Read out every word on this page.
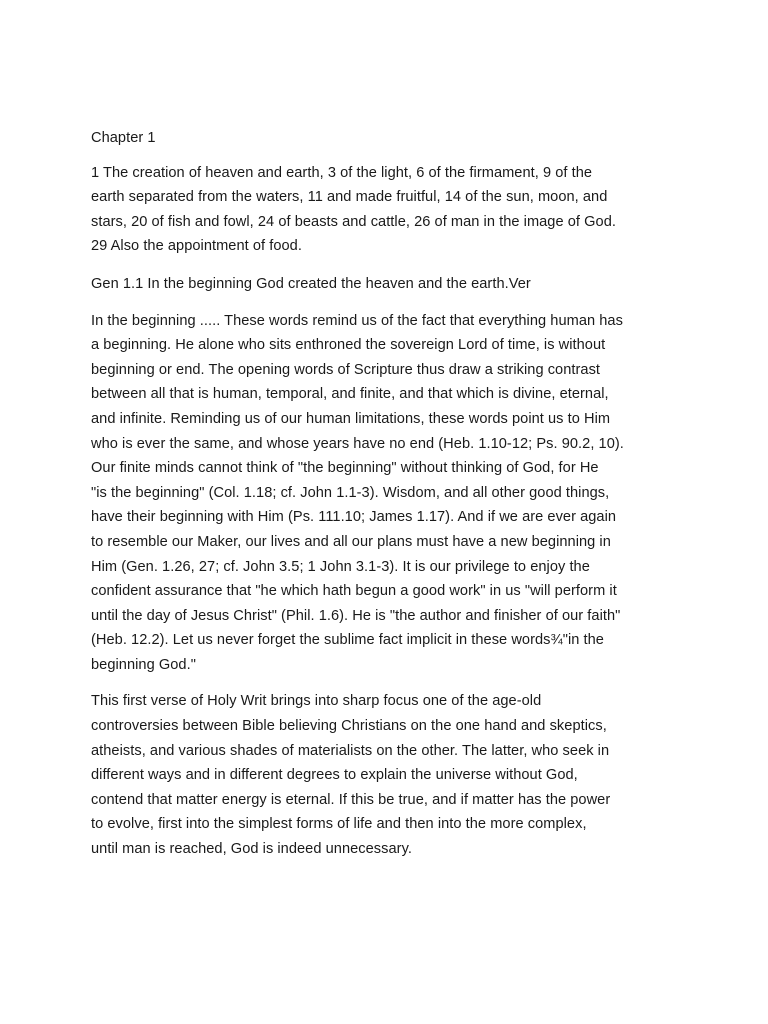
Chapter 1

1 The creation of heaven and earth, 3 of the light, 6 of the firmament, 9 of the
earth separated from the waters, 11 and made fruitful, 14 of the sun, moon, and
stars, 20 of fish and fowl, 24 of beasts and cattle, 26 of man in the image of God.
29 Also the appointment of food.

Gen 1.1 In the beginning God created the heaven and the earth.Ver

In the beginning ..... These words remind us of the fact that everything human has
a beginning. He alone who sits enthroned the sovereign Lord of time, is without
beginning or end. The opening words of Scripture thus draw a striking contrast
between all that is human, temporal, and finite, and that which is divine, eternal,
and infinite. Reminding us of our human limitations, these words point us to Him
who is ever the same, and whose years have no end (Heb. 1.10-12; Ps. 90.2, 10).
Our finite minds cannot think of "the beginning" without thinking of God, for He
"is the beginning" (Col. 1.18; cf. John 1.1-3). Wisdom, and all other good things,
have their beginning with Him (Ps. 111.10; James 1.17). And if we are ever again
to resemble our Maker, our lives and all our plans must have a new beginning in
Him (Gen. 1.26, 27; cf. John 3.5; 1 John 3.1-3). It is our privilege to enjoy the
confident assurance that "he which hath begun a good work" in us "will perform it
until the day of Jesus Christ" (Phil. 1.6). He is "the author and finisher of our faith"
(Heb. 12.2). Let us never forget the sublime fact implicit in these words¾"in the
beginning God."

This first verse of Holy Writ brings into sharp focus one of the age-old
controversies between Bible believing Christians on the one hand and skeptics,
atheists, and various shades of materialists on the other. The latter, who seek in
different ways and in different degrees to explain the universe without God,
contend that matter energy is eternal. If this be true, and if matter has the power
to evolve, first into the simplest forms of life and then into the more complex,
until man is reached, God is indeed unnecessary.
